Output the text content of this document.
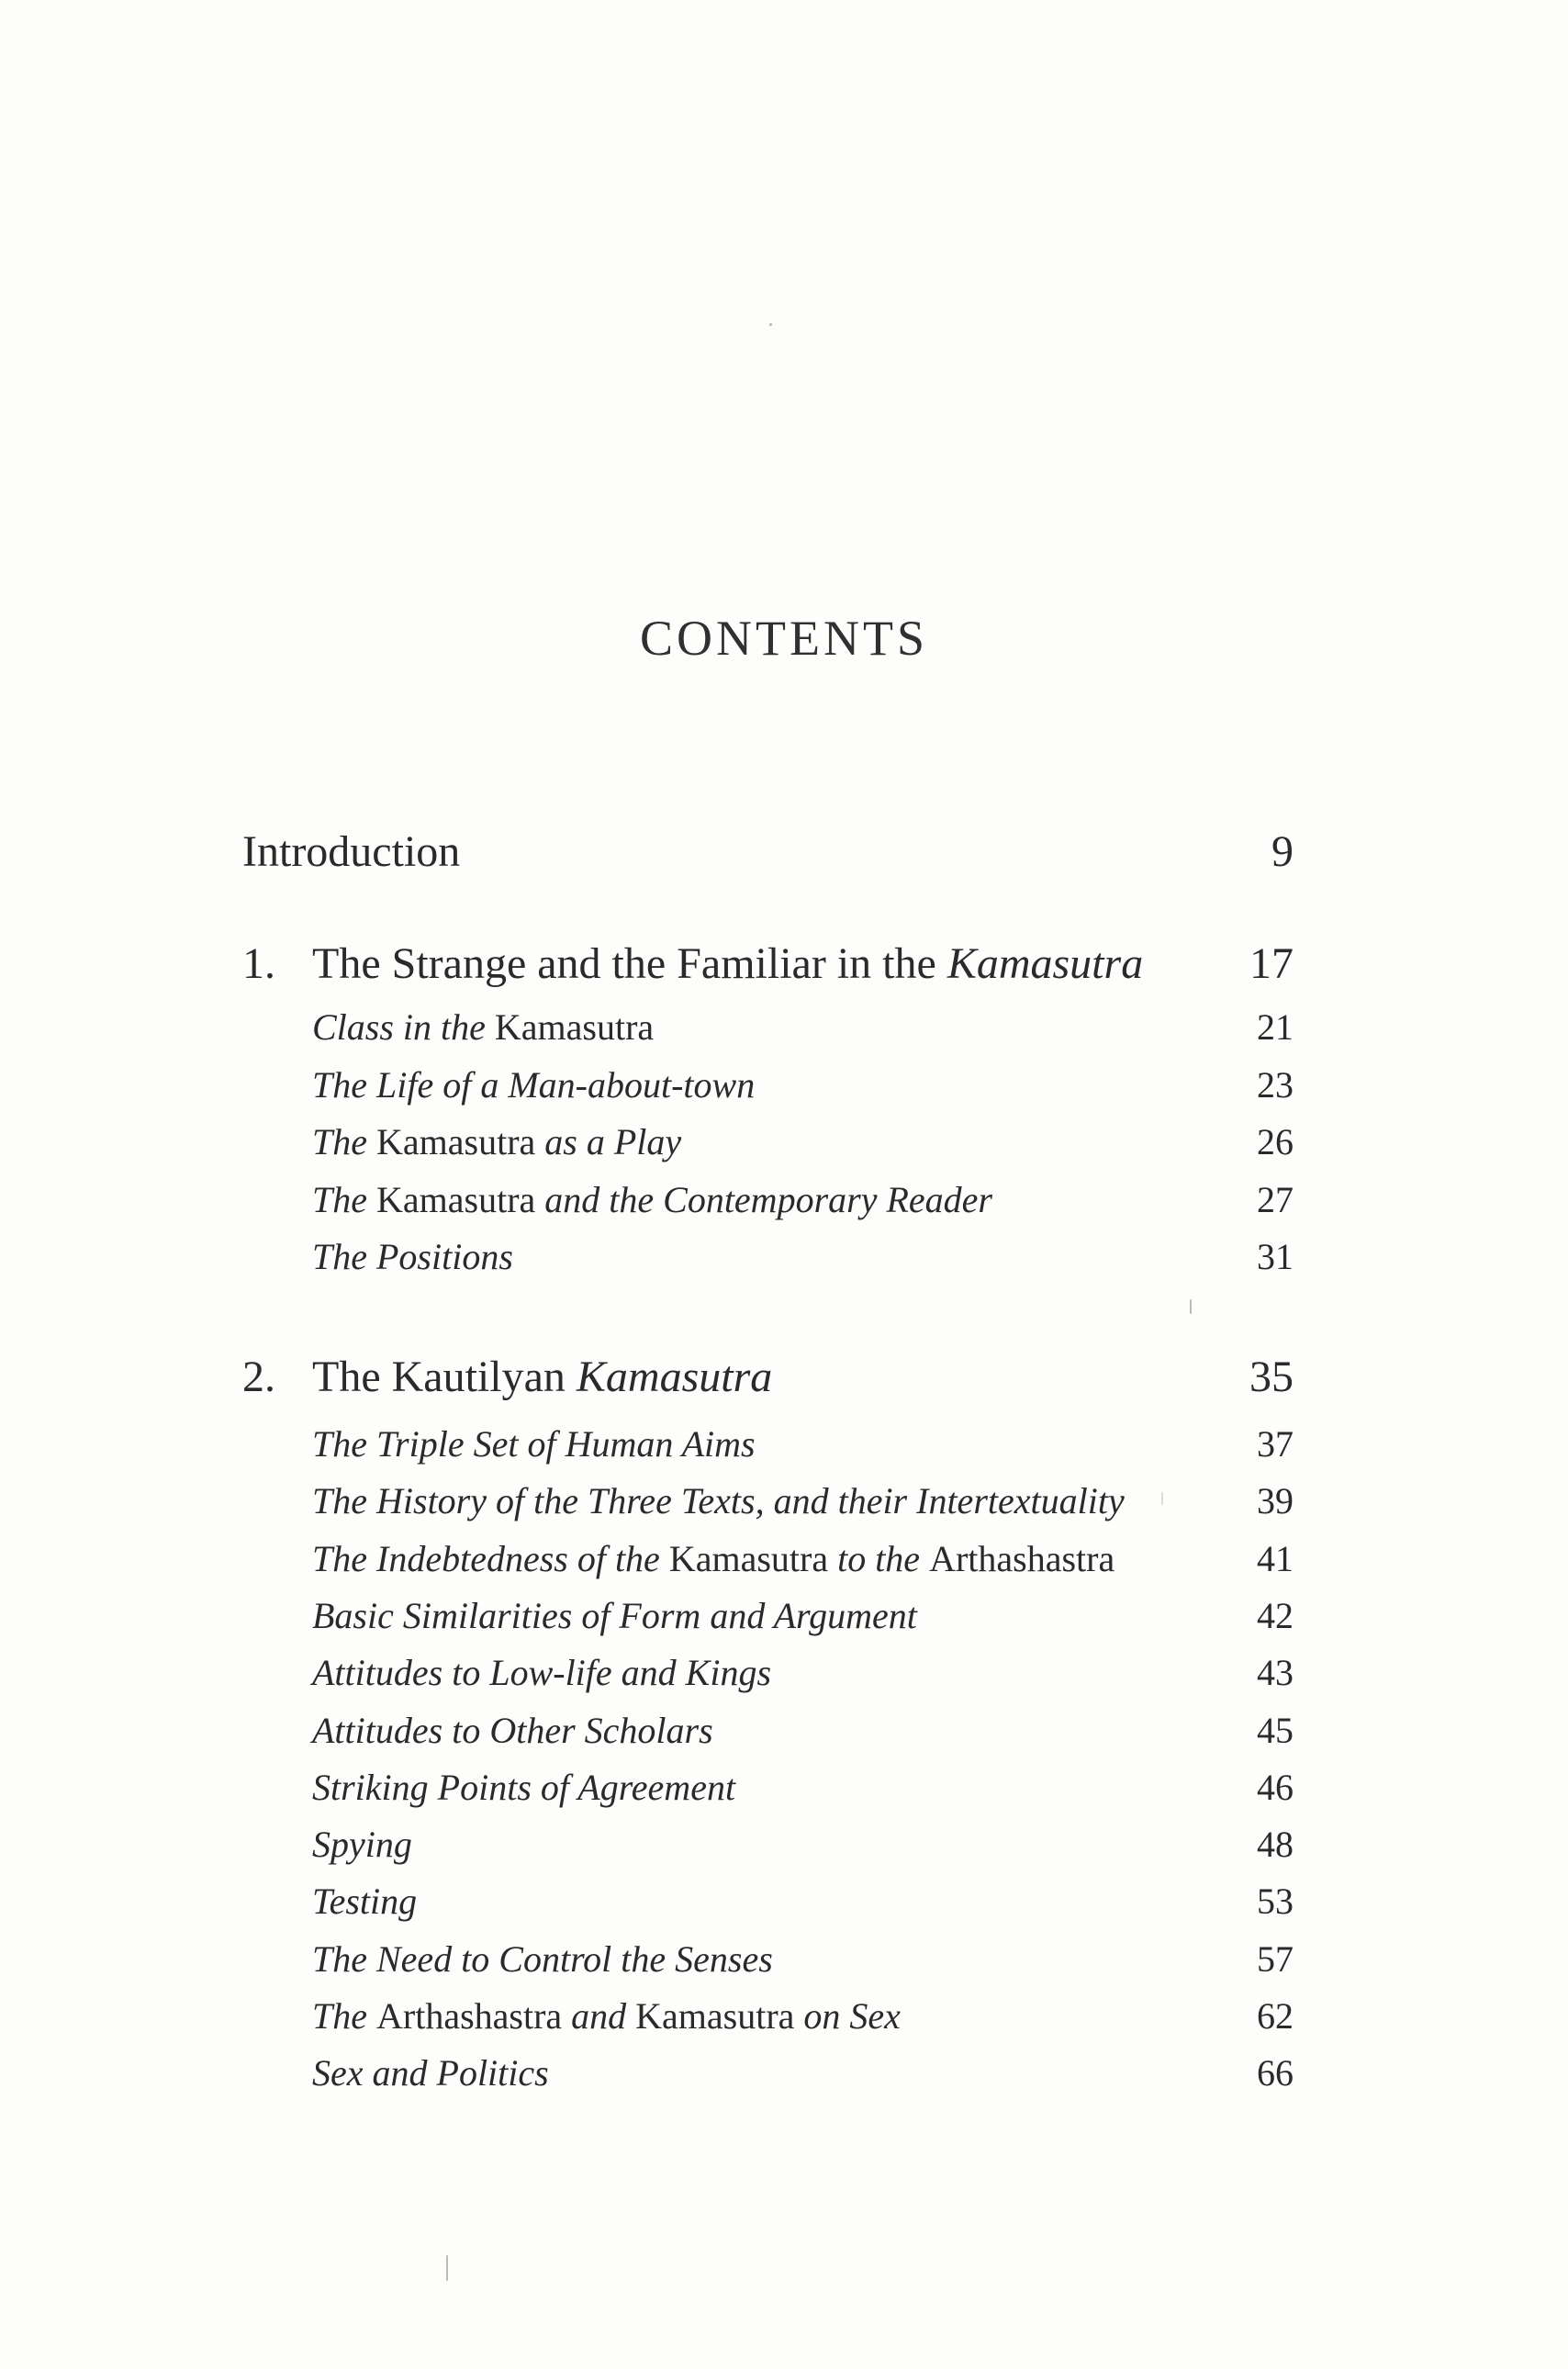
CONTENTS
Introduction	9
1. The Strange and the Familiar in the Kamasutra 17
Class in the Kamasutra	21
The Life of a Man-about-town	23
The Kamasutra as a Play	26
The Kamasutra and the Contemporary Reader	27
The Positions	31
2. The Kautilyan Kamasutra	35
The Triple Set of Human Aims	37
The History of the Three Texts, and their Intertextuality	39
The Indebtedness of the Kamasutra to the Arthashastra	41
Basic Similarities of Form and Argument	42
Attitudes to Low-life and Kings	43
Attitudes to Other Scholars	45
Striking Points of Agreement	46
Spying	48
Testing	53
The Need to Control the Senses	57
The Arthashastra and Kamasutra on Sex	62
Sex and Politics	66
